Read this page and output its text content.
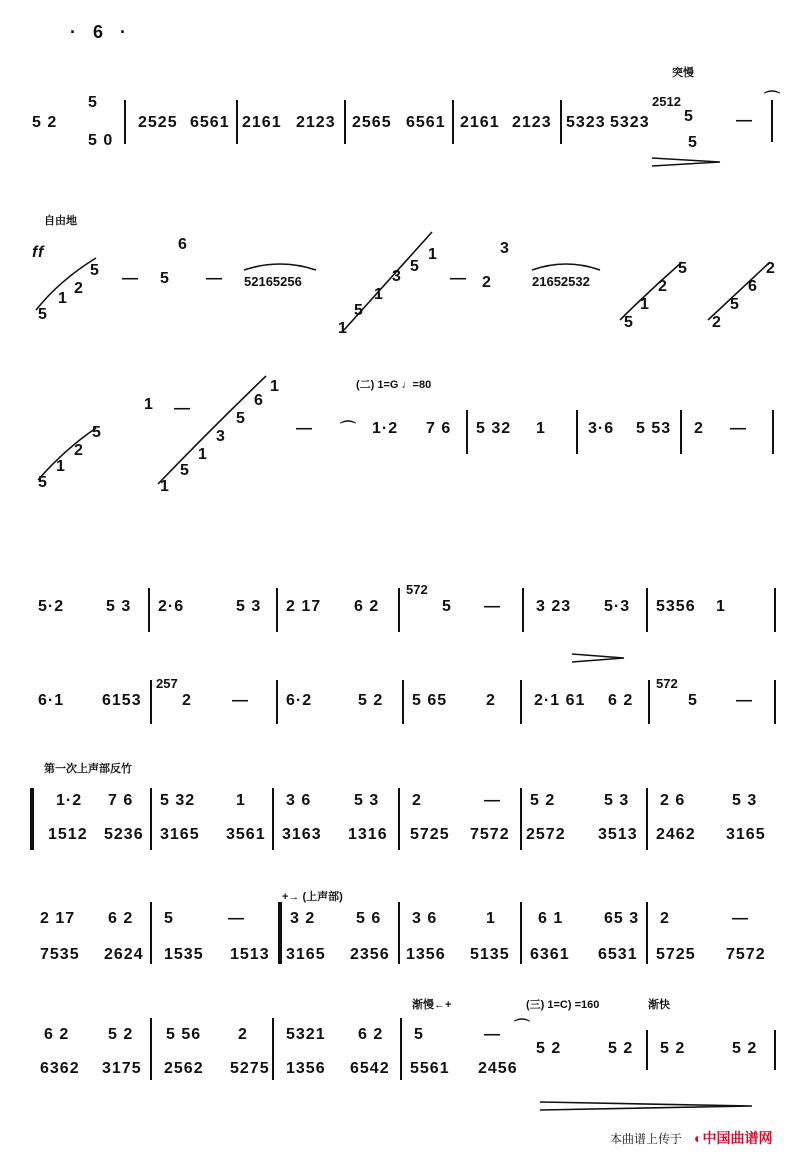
· 6 ·
突慢
5 2
5
5 0
2525 6561 2161 2123 2565 6561 2161 2123 5323 5323
2512
5
5
—
⌒
自由地
ff
5
1
2
5
6
5	52165256
1
5
1
3
5
1	3
2	21652532
5
1
2
5
2
5
6
2
—	—	—
5
1
2
5
1
1
5
1
3
5
6
1
—
— ⌒
(二) 1=G ♩=80
1·2 7 6 5 32 1	3·6 5 53 2 —
5·2	5 3 2·6	5 3 2 17 6 2
572
5 — 3 23 5·3 5356 1
6·1 6153
257
2	— 6·2	5 2 5 65 2 2·1 61 6 2
572
5 —
第一次上声部反竹
1·2 7 6 5 32	1	3 6	5 3 2	— 5 2	5 3 2 6	5 3
1512 5236 3165 3561 3163 1316 5725 7572 2572 3513 2462 3165
2 17 6 2 5	—
+→ (上声部)
3 2	5 6 3 6	1	6 1	65 3 2	—
7535 2624 1535 1513 3165 2356 1356 5135 6361 6531 5725 7572
渐慢←+	(三) 1=C) =160	渐快
6 2 5 2 5 56 2 5321 6 2 5	— ⌒
5 2	5 2 5 2	5 2
6362 3175 2562 5275 1356 6542 5561 2456
本曲谱上传于 ◐中国曲谱网
